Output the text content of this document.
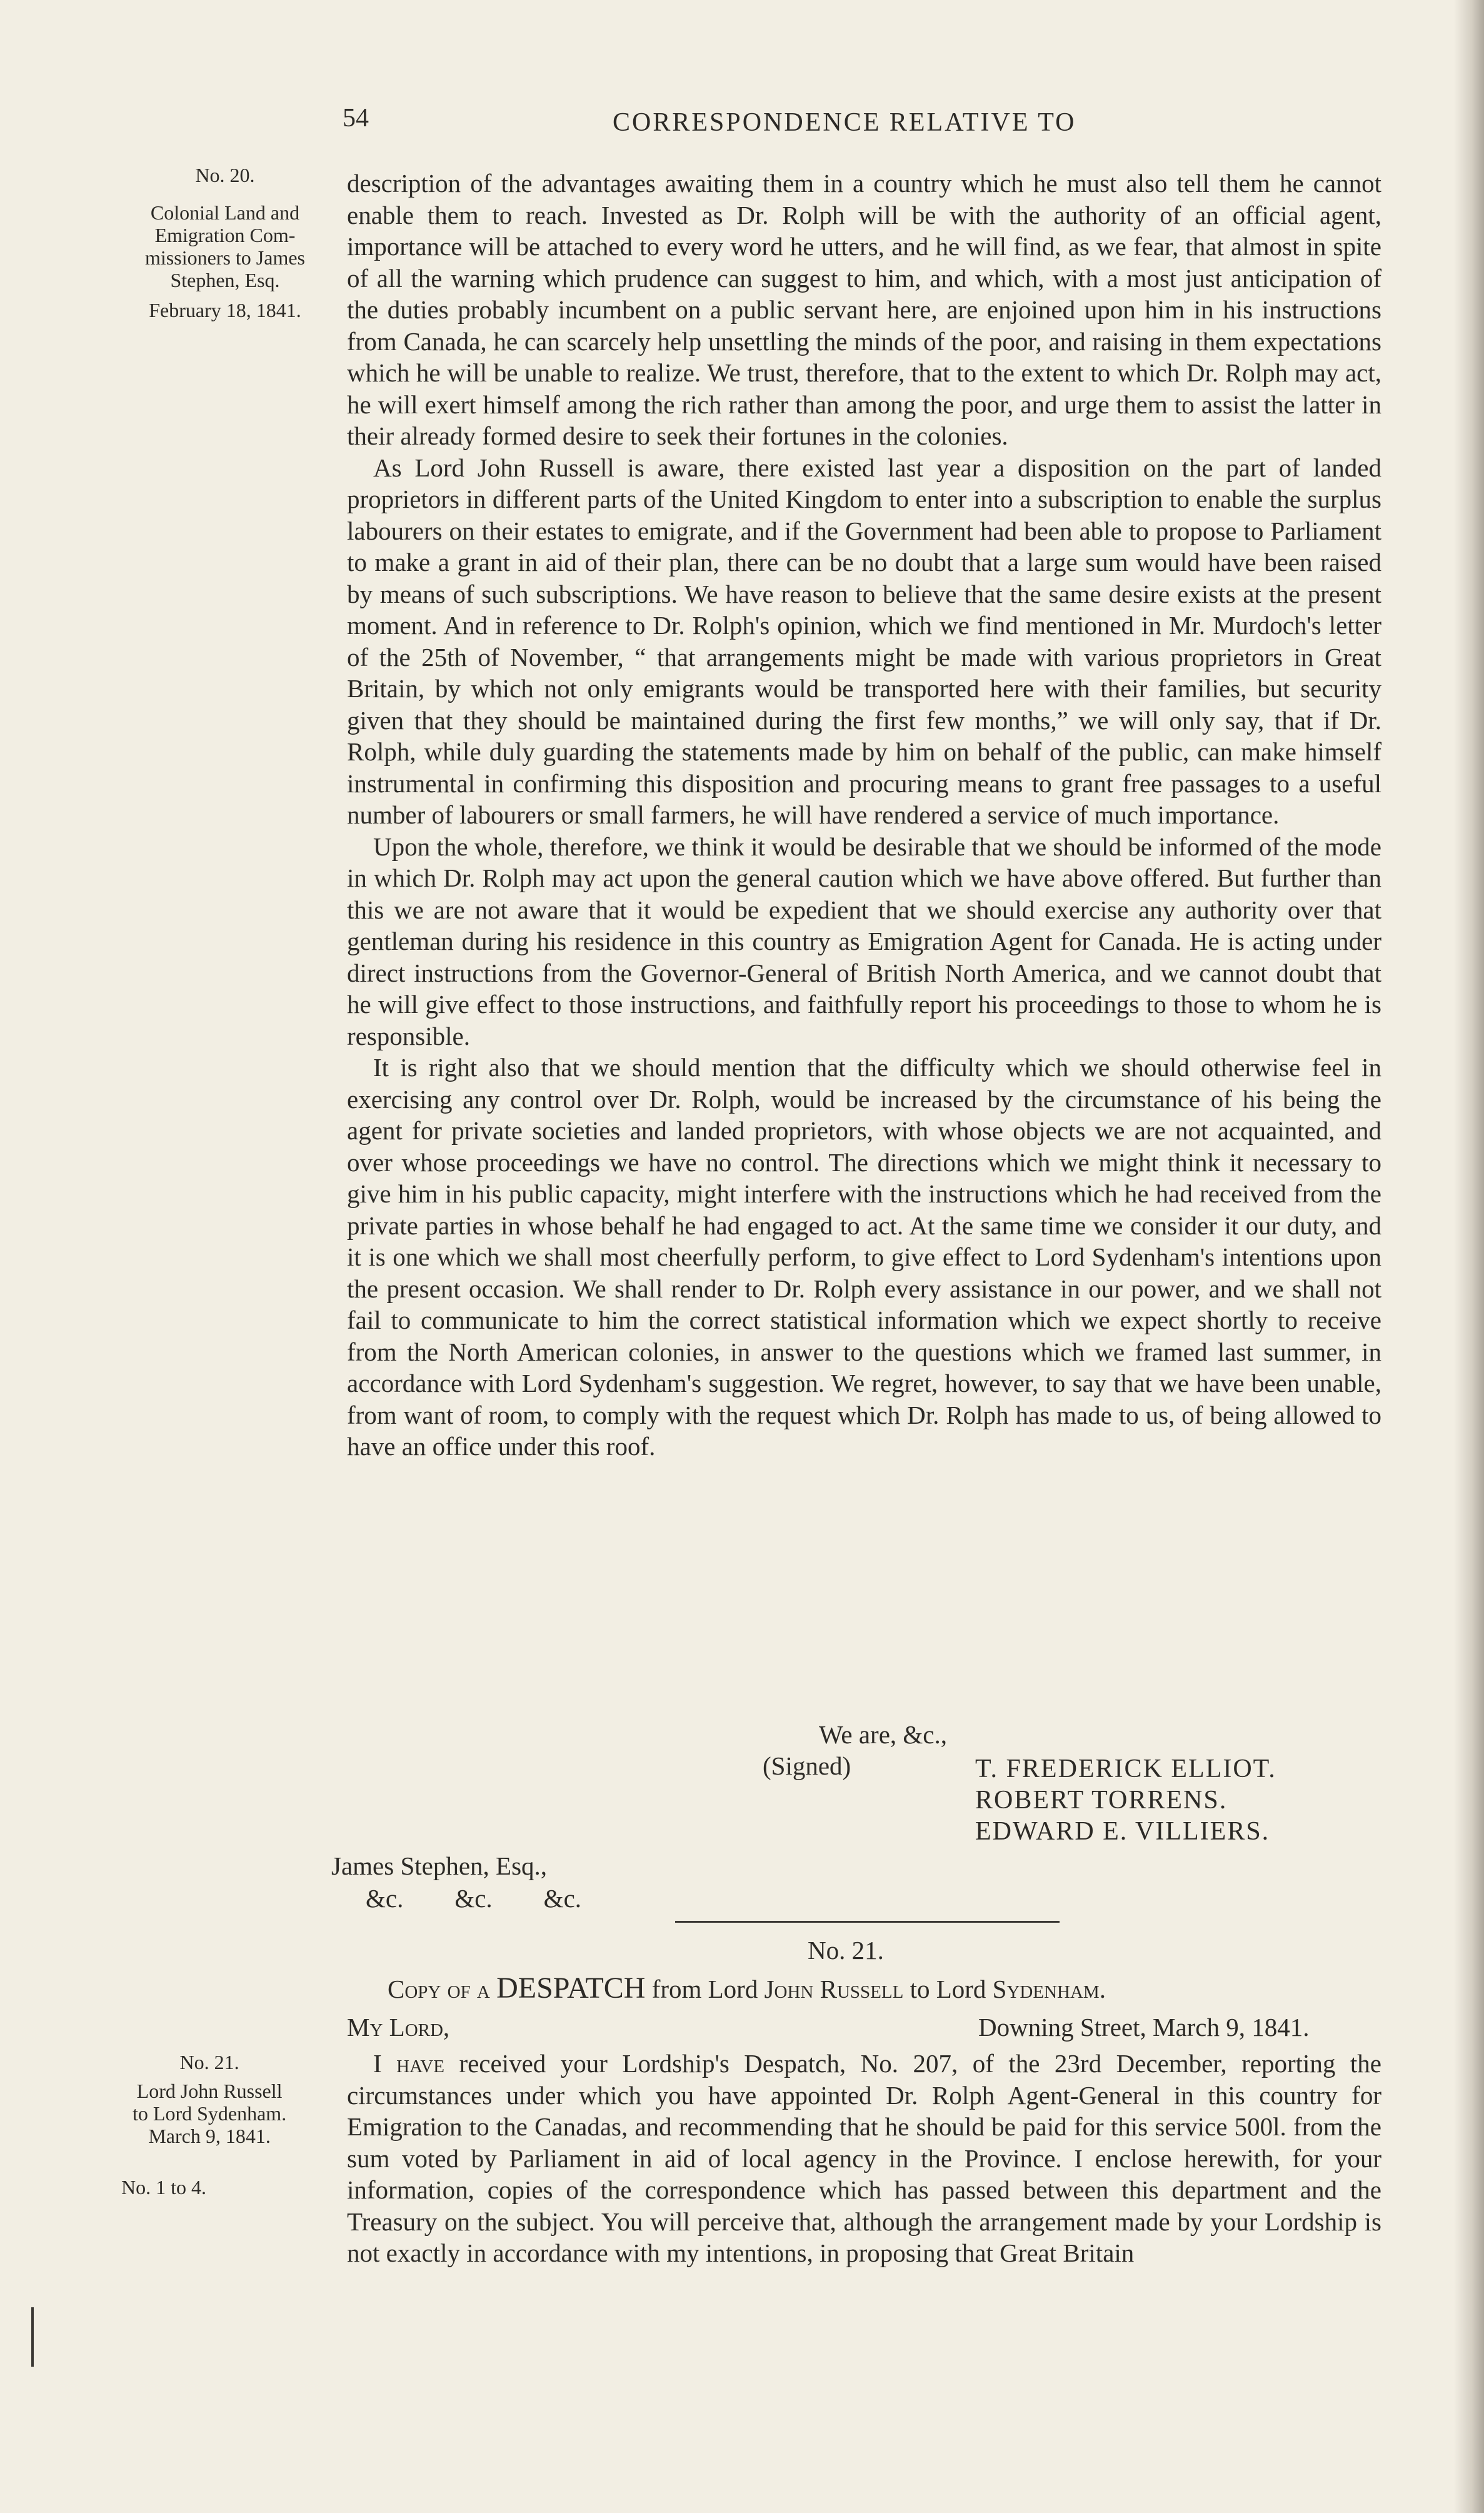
54	CORRESPONDENCE RELATIVE TO
No. 20.
Colonial Land and
Emigration Com-
missioners to James
Stephen, Esq.
February 18, 1841.

description of the advantages awaiting them in a country which he must also tell them he cannot enable them to reach. Invested as Dr. Rolph will be with the authority of an official agent, importance will be attached to every word he utters, and he will find, as we fear, that almost in spite of all the warning which prudence can suggest to him, and which, with a most just anticipation of the duties probably incumbent on a public servant here, are enjoined upon him in his instructions from Canada, he can scarcely help unsettling the minds of the poor, and raising in them expectations which he will be unable to realize. We trust, therefore, that to the extent to which Dr. Rolph may act, he will exert himself among the rich rather than among the poor, and urge them to assist the latter in their already formed desire to seek their fortunes in the colonies.

As Lord John Russell is aware, there existed last year a disposition on the part of landed proprietors in different parts of the United Kingdom to enter into a subscription to enable the surplus labourers on their estates to emigrate, and if the Government had been able to propose to Parliament to make a grant in aid of their plan, there can be no doubt that a large sum would have been raised by means of such subscriptions. We have reason to believe that the same desire exists at the present moment. And in reference to Dr. Rolph's opinion, which we find mentioned in Mr. Murdoch's letter of the 25th of November, “ that arrangements might be made with various proprietors in Great Britain, by which not only emigrants would be transported here with their families, but security given that they should be maintained during the first few months,” we will only say, that if Dr. Rolph, while duly guarding the statements made by him on behalf of the public, can make himself instrumental in confirming this disposition and procuring means to grant free passages to a useful number of labourers or small farmers, he will have rendered a service of much importance.

Upon the whole, therefore, we think it would be desirable that we should be informed of the mode in which Dr. Rolph may act upon the general caution which we have above offered. But further than this we are not aware that it would be expedient that we should exercise any authority over that gentleman during his residence in this country as Emigration Agent for Canada. He is acting under direct instructions from the Governor-General of British North America, and we cannot doubt that he will give effect to those instructions, and faithfully report his proceedings to those to whom he is responsible.

It is right also that we should mention that the difficulty which we should otherwise feel in exercising any control over Dr. Rolph, would be increased by the circumstance of his being the agent for private societies and landed proprietors, with whose objects we are not acquainted, and over whose proceedings we have no control. The directions which we might think it necessary to give him in his public capacity, might interfere with the instructions which he had received from the private parties in whose behalf he had engaged to act. At the same time we consider it our duty, and it is one which we shall most cheerfully perform, to give effect to Lord Sydenham's intentions upon the present occasion. We shall render to Dr. Rolph every assistance in our power, and we shall not fail to communicate to him the correct statistical information which we expect shortly to receive from the North American colonies, in answer to the questions which we framed last summer, in accordance with Lord Sydenham's suggestion. We regret, however, to say that we have been unable, from want of room, to comply with the request which Dr. Rolph has made to us, of being allowed to have an office under this roof.

We are, &c.,
(Signed)	T. FREDERICK ELLIOT.
ROBERT TORRENS.
EDWARD E. VILLIERS.
James Stephen, Esq.,
&c.        &c.        &c.
No. 21.
Copy of a DESPATCH from Lord John Russell to Lord Sydenham.
My Lord,	Downing Street, March 9, 1841.
No. 21.
Lord John Russell
to Lord Sydenham.
March 9, 1841.
No. 1 to 4.

I have received your Lordship's Despatch, No. 207, of the 23rd December, reporting the circumstances under which you have appointed Dr. Rolph Agent-General in this country for Emigration to the Canadas, and recommending that he should be paid for this service 500l. from the sum voted by Parliament in aid of local agency in the Province. I enclose herewith, for your information, copies of the correspondence which has passed between this department and the Treasury on the subject. You will perceive that, although the arrangement made by your Lordship is not exactly in accordance with my intentions, in proposing that Great Britain
